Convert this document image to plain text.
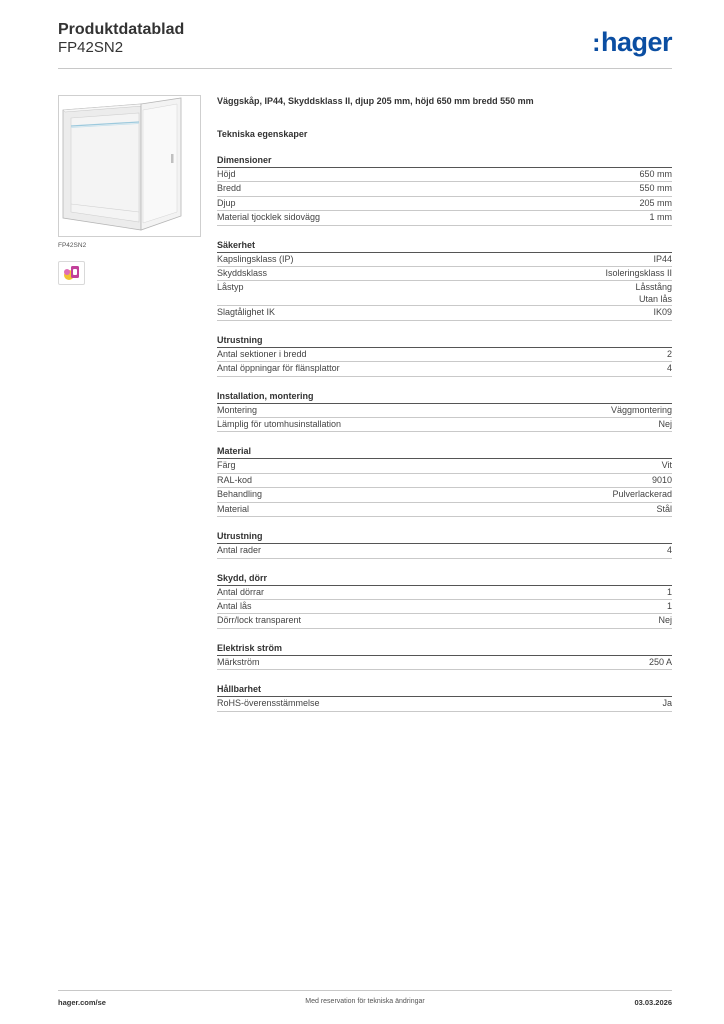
Produktdatablad
FP42SN2	:hager
FP42SN2
Väggskåp, IP44, Skyddsklass II, djup 205 mm, höjd 650 mm bredd 550 mm
Tekniska egenskaper
Dimensioner
Höjd	650 mm
Bredd	550 mm
Djup	205 mm
Material tjocklek sidovägg	1 mm
Säkerhet
Kapslingsklass (IP)	IP44
Skyddsklass	Isoleringsklass II
Låstyp	Låsstång
Utan lås
Slagtålighet IK	IK09
Utrustning
Antal sektioner i bredd	2
Antal öppningar för flänsplattor	4
Installation, montering
Montering	Väggmontering
Lämplig för utomhusinstallation	Nej
Material
Färg	Vit
RAL-kod	9010
Behandling	Pulverlackerad
Material	Stål
Utrustning
Antal rader	4
Skydd, dörr
Antal dörrar	1
Antal lås	1
Dörr/lock transparent	Nej
Elektrisk ström
Märkström	250 A
Hållbarhet
RoHS-överensstämmelse	Ja
hager.com/se	Med reservation för tekniska ändringar	03.03.2026
